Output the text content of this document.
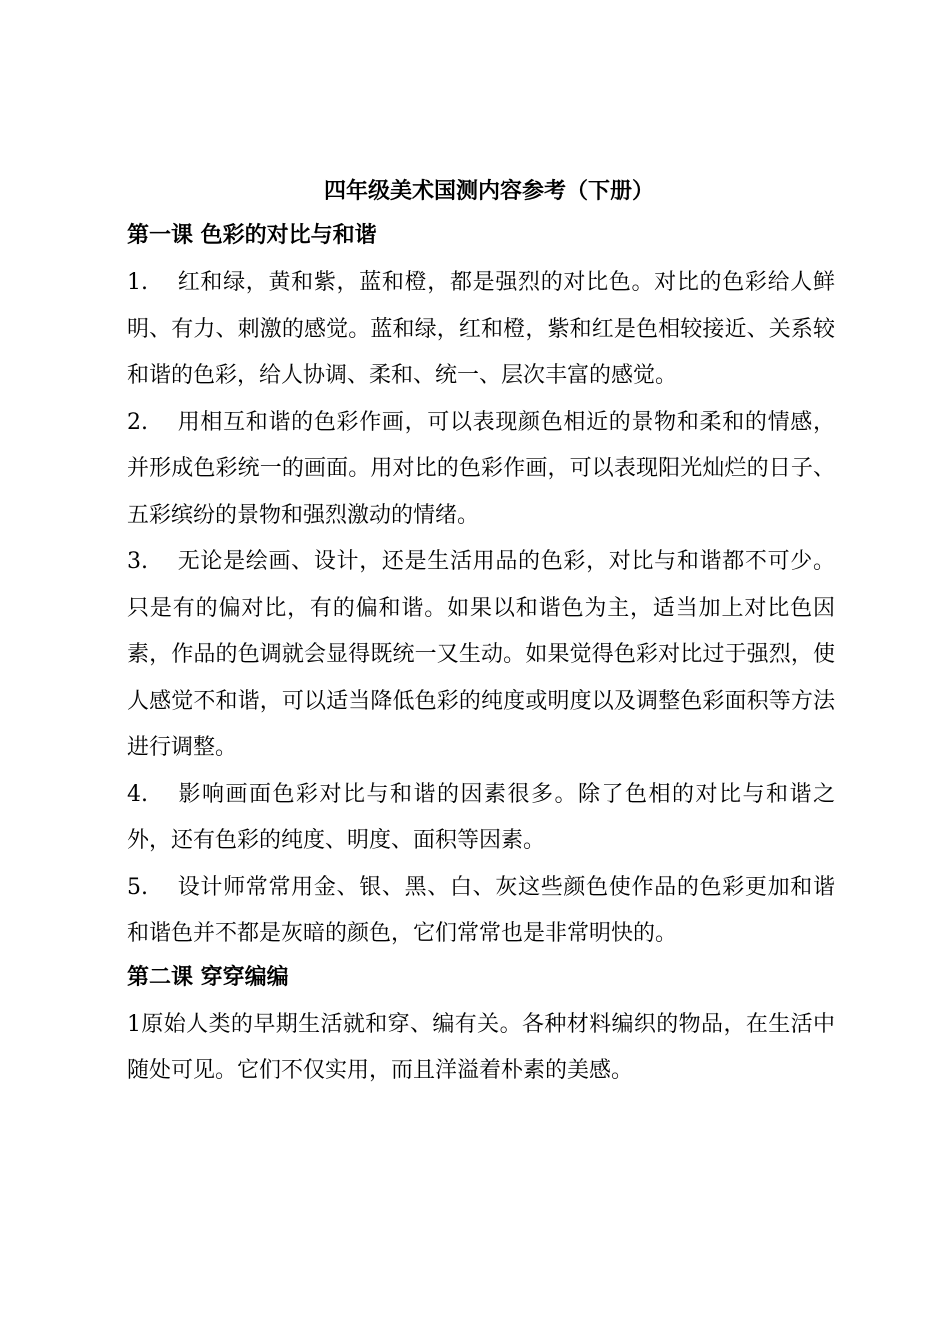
四年级美术国测内容参考（下册）
第一课 色彩的对比与和谐

1. 红和绿，黄和紫，蓝和橙，都是强烈的对比色。对比的色彩给人鲜明、有力、刺激的感觉。蓝和绿，红和橙，紫和红是色相较接近、关系较和谐的色彩，给人协调、柔和、统一、层次丰富的感觉。

2. 用相互和谐的色彩作画，可以表现颜色相近的景物和柔和的情感，并形成色彩统一的画面。用对比的色彩作画，可以表现阳光灿烂的日子、五彩缤纷的景物和强烈激动的情绪。

3. 无论是绘画、设计，还是生活用品的色彩，对比与和谐都不可少。只是有的偏对比，有的偏和谐。如果以和谐色为主，适当加上对比色因素，作品的色调就会显得既统一又生动。如果觉得色彩对比过于强烈，使人感觉不和谐，可以适当降低色彩的纯度或明度以及调整色彩面积等方法进行调整。

4. 影响画面色彩对比与和谐的因素很多。除了色相的对比与和谐之外，还有色彩的纯度、明度、面积等因素。

5. 设计师常常用金、银、黑、白、灰这些颜色使作品的色彩更加和谐和谐色并不都是灰暗的颜色，它们常常也是非常明快的。

第二课 穿穿编编

1原始人类的早期生活就和穿、编有关。各种材料编织的物品，在生活中随处可见。它们不仅实用，而且洋溢着朴素的美感。
